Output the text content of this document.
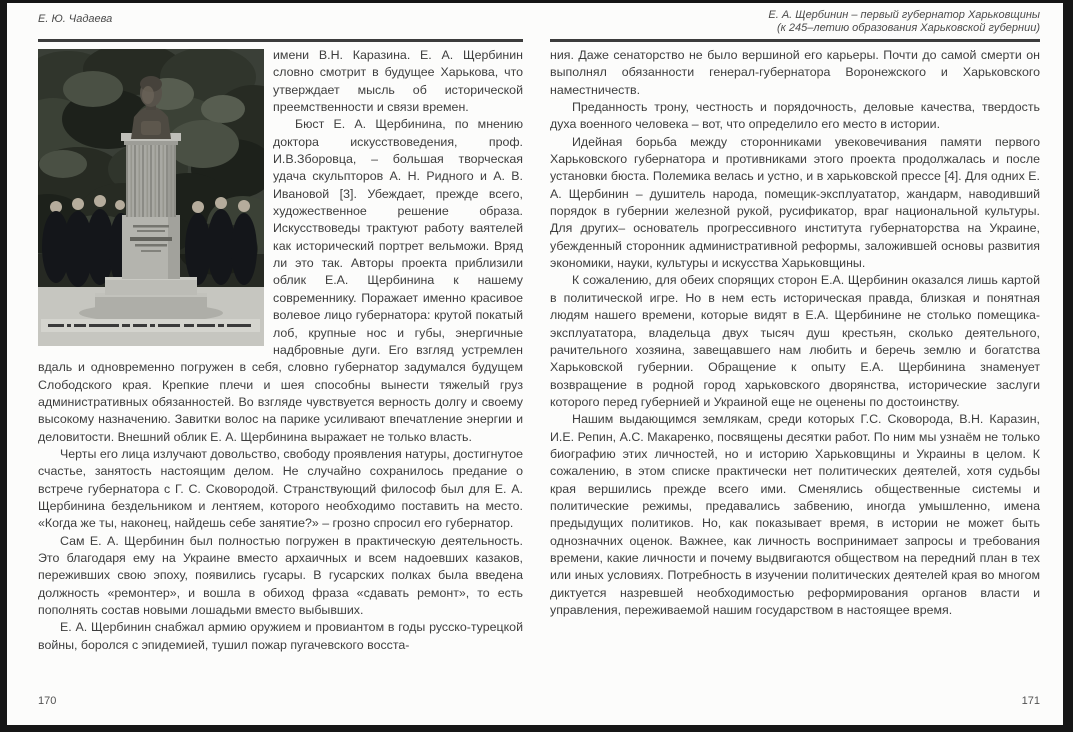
Е. Ю. Чадаева	Е. А. Щербинин – первый губернатор Харьковщины
(к 245–летию образования Харьковской губернии)

имени В.Н. Каразина. Е. А. Щербинин словно смотрит в будущее Харькова, что утверждает мысль об исторической преемственности и связи времен.

Бюст Е. А. Щербинина, по мнению доктора искусствоведения, проф. И.В.Зборовца, – большая творческая удача скульпторов А. Н. Ридного и А. В. Ивановой [3]. Убеждает, прежде всего, художественное решение образа. Искусствоведы трактуют работу ваятелей как исторический портрет вельможи. Вряд ли это так. Авторы проекта приблизили облик Е.А. Щербинина к нашему современнику. Поражает именно красивое волевое лицо губернатора: крутой покатый лоб, крупные нос и губы, энергичные надбровные дуги. Его взгляд устремлен вдаль и одновременно погружен в себя, словно губернатор задумался будущем Слободского края. Крепкие плечи и шея способны вынести тяжелый груз административных обязанностей. Во взгляде чувствуется верность долгу и своему высокому назначению. Завитки волос на парике усиливают впечатление энергии и деловитости. Внешний облик Е. А. Щербинина выражает не только власть.

Черты его лица излучают довольство, свободу проявления натуры, достигнутое счастье, занятость настоящим делом. Не случайно сохранилось предание о встрече губернатора с Г. С. Сковородой. Странствующий философ был для Е. А. Щербинина бездельником и лентяем, которого необходимо поставить на место. «Когда же ты, наконец, найдешь себе занятие?» – грозно спросил его губернатор.

Сам Е. А. Щербинин был полностью погружен в практическую деятельность. Это благодаря ему на Украине вместо архаичных и всем надоевших казаков, переживших свою эпоху, появились гусары. В гусарских полках была введена должность «ремонтер», и вошла в обиход фраза «сдавать ремонт», то есть пополнять состав новыми лошадьми вместо выбывших.

Е. А. Щербинин снабжал армию оружием и провиантом в годы русско-турецкой войны, боролся с эпидемией, тушил пожар пугачевского восста-

ния. Даже сенаторство не было вершиной его карьеры. Почти до самой смерти он выполнял обязанности генерал-губернатора Воронежского и Харьковского наместничеств.

Преданность трону, честность и порядочность, деловые качества, твердость духа военного человека – вот, что определило его место в истории.

Идейная борьба между сторонниками увековечивания памяти первого Харьковского губернатора и противниками этого проекта продолжалась и после установки бюста. Полемика велась и устно, и в харьковской прессе [4]. Для одних Е. А. Щербинин – душитель народа, помещик-эксплуататор, жандарм, наводивший порядок в губернии железной рукой, русификатор, враг национальной культуры. Для других– основатель прогрессивного института губернаторства на Украине, убежденный сторонник административной реформы, заложившей основы развития экономики, науки, культуры и искусства Харьковщины.

К сожалению, для обеих спорящих сторон Е.А. Щербинин оказался лишь картой в политической игре. Но в нем есть историческая правда, близкая и понятная людям нашего времени, которые видят в Е.А. Щербинине не столько помещика-эксплуататора, владельца двух тысяч душ крестьян, сколько деятельного, рачительного хозяина, завещавшего нам любить и беречь землю и богатства Харьковской губернии. Обращение к опыту Е.А. Щербинина знаменует возвращение в родной город харьковского дворянства, исторические заслуги которого перед губернией и Украиной еще не оценены по достоинству.

Нашим выдающимся землякам, среди которых Г.С. Сковорода, В.Н. Каразин, И.Е. Репин, А.С. Макаренко, посвящены десятки работ. По ним мы узнаём не только биографию этих личностей, но и историю Харьковщины и Украины в целом. К сожалению, в этом списке практически нет политических деятелей, хотя судьбы края вершились прежде всего ими. Сменялись общественные системы и политические режимы, предавались забвению, иногда умышленно, имена предыдущих политиков. Но, как показывает время, в истории не может быть однозначних оценок. Важнее, как личность воспринимает запросы и требования времени, какие личности и почему выдвигаются обществом на передний план в тех или иных условиях. Потребность в изучении политических деятелей края во многом диктуется назревшей необходимостью реформирования органов власти и управления, переживаемой нашим государством в настоящее время.

170	171
